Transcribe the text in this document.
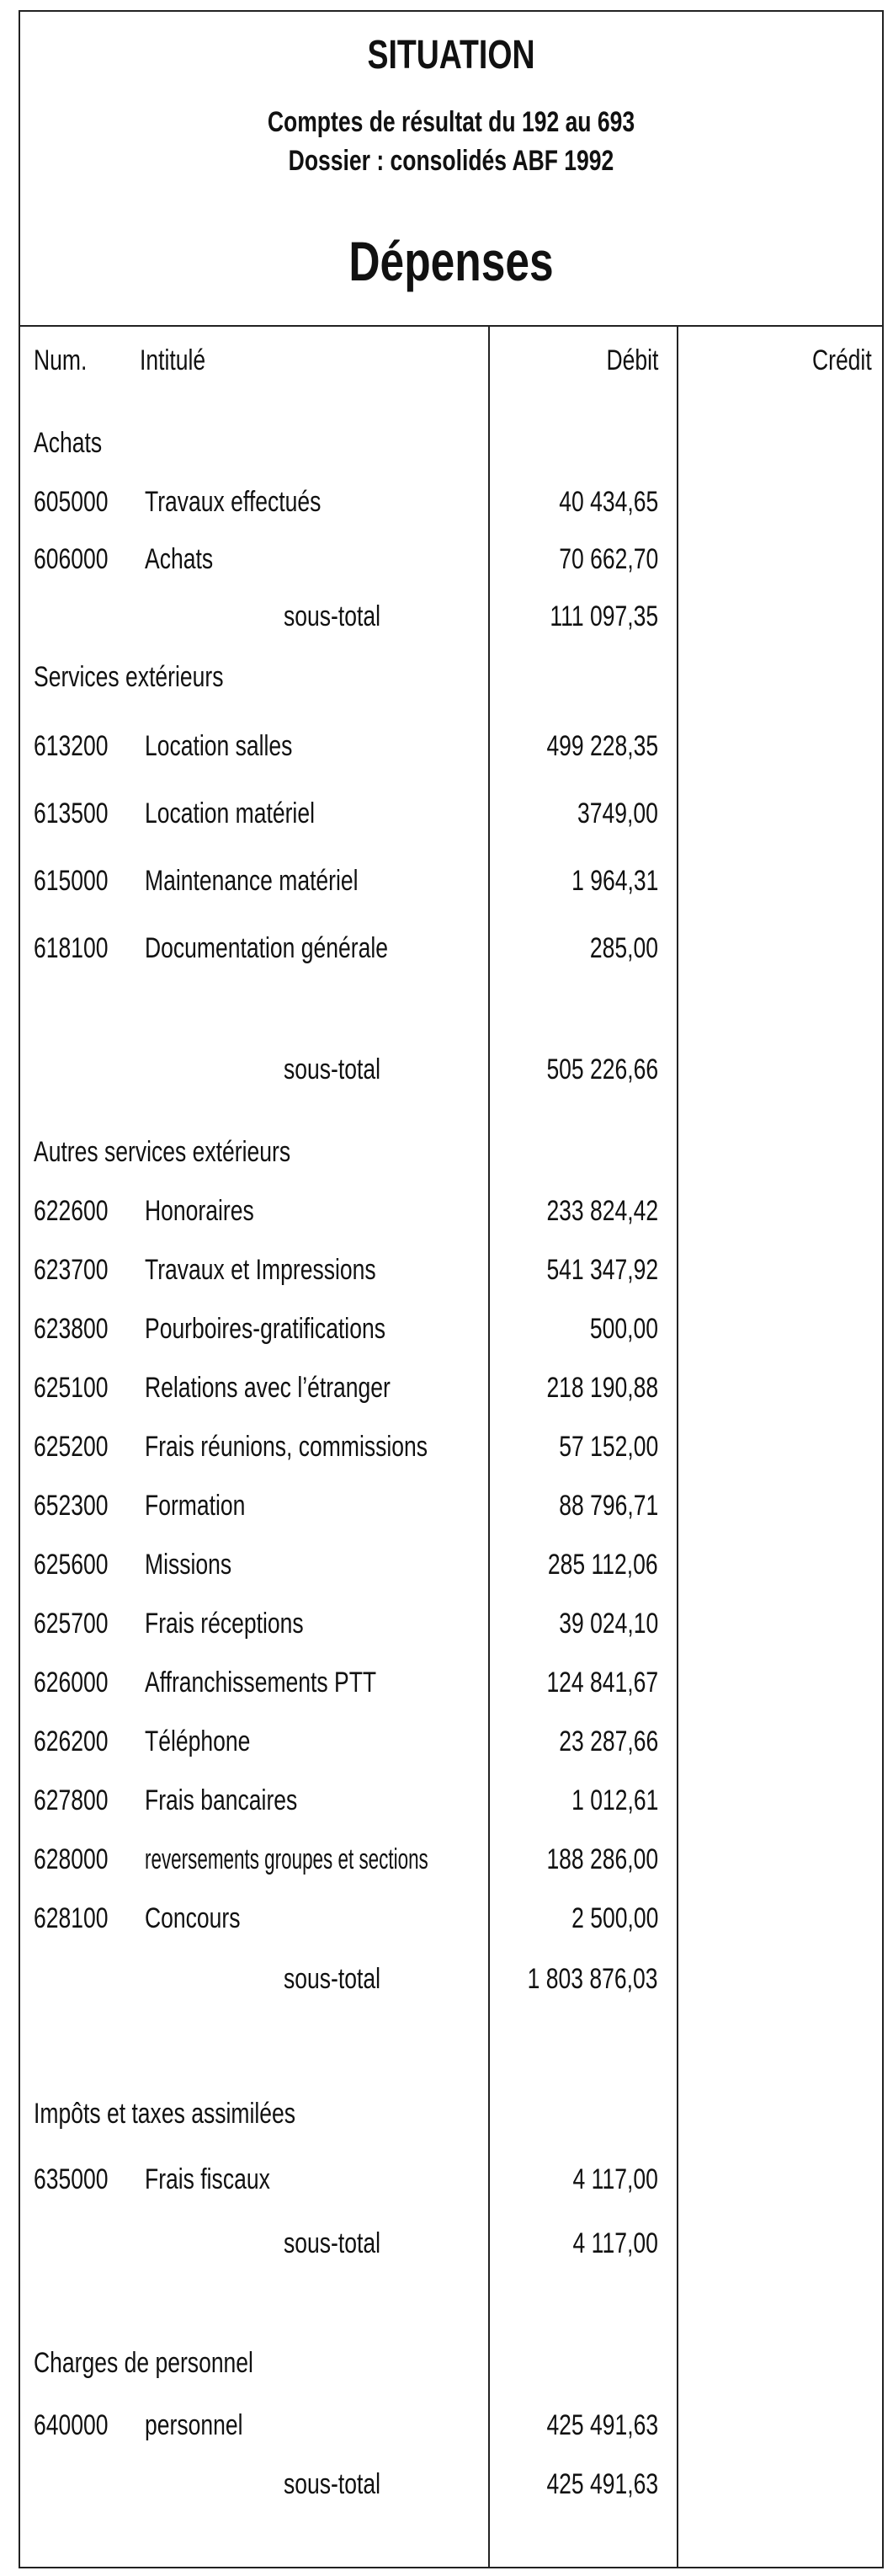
SITUATION
Comptes de résultat du 192 au 693
Dossier : consolidés ABF 1992
Dépenses
Num. Intitulé	Débit	Crédit
Achats
605000 Travaux effectués	40 434,65
606000 Achats	70 662,70
sous-total	111 097,35
Services extérieurs
613200 Location salles	499 228,35
613500 Location matériel	3749,00
615000 Maintenance matériel	1 964,31
618100 Documentation générale	285,00
sous-total	505 226,66
Autres services extérieurs
622600 Honoraires	233 824,42
623700 Travaux et Impressions	541 347,92
623800 Pourboires-gratifications	500,00
625100 Relations avec l’étranger	218 190,88
625200 Frais réunions, commissions	57 152,00
652300 Formation	88 796,71
625600 Missions	285 112,06
625700 Frais réceptions	39 024,10
626000 Affranchissements PTT	124 841,67
626200 Téléphone	23 287,66
627800 Frais bancaires	1 012,61
628000 reversements groupes et sections	188 286,00
628100 Concours	2 500,00
sous-total	1 803 876,03
Impôts et taxes assimilées
635000 Frais fiscaux	4 117,00
sous-total	4 117,00
Charges de personnel
640000 personnel	425 491,63
sous-total	425 491,63
